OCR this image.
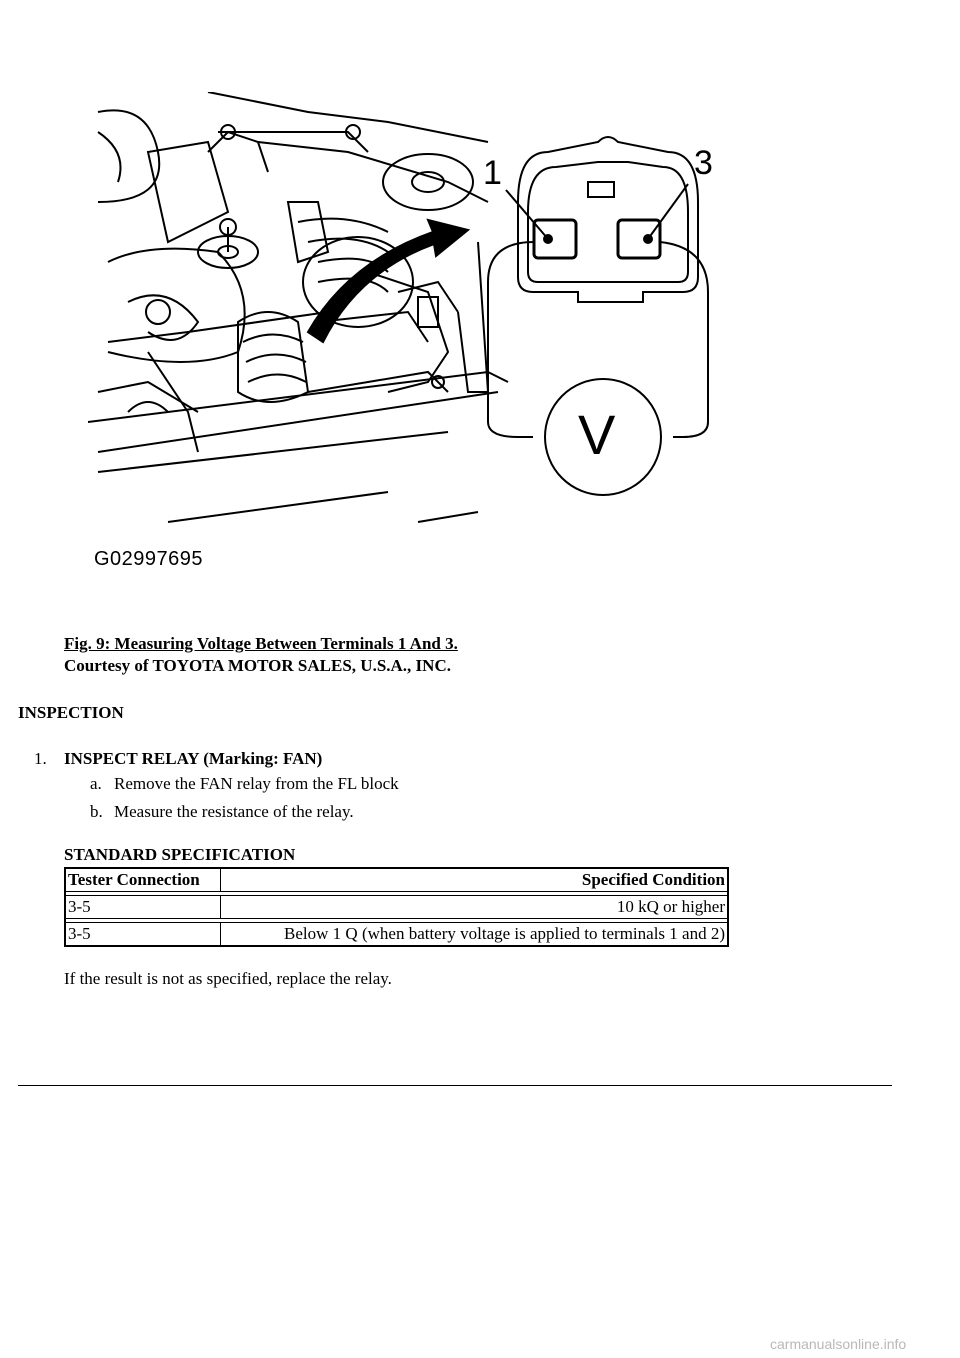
1	3
V
G02997695
Fig. 9: Measuring Voltage Between Terminals 1 And 3.
Courtesy of TOYOTA MOTOR SALES, U.S.A., INC.
INSPECTION
1. INSPECT RELAY (Marking: FAN)
a. Remove the FAN relay from the FL block
b. Measure the resistance of the relay.
STANDARD SPECIFICATION
Tester Connection	Specified Condition

3-5	10 kQ or higher

3-5	Below 1 Q (when battery voltage is applied to terminals 1 and 2)
If the result is not as specified, replace the relay.
carmanualsonline.info
